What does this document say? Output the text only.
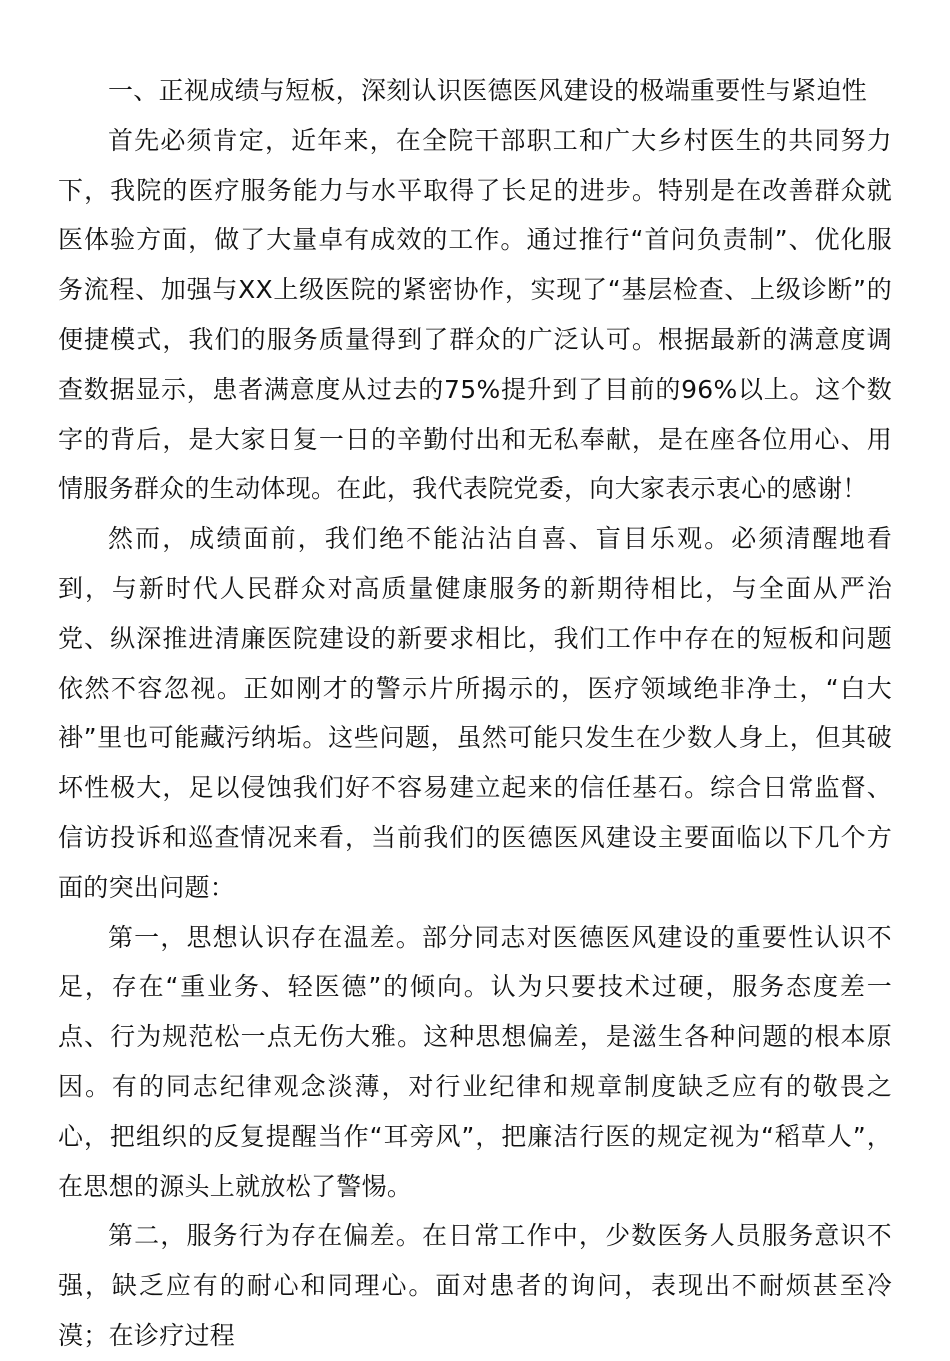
一、正视成绩与短板，深刻认识医德医风建设的极端重要性与紧迫性

首先必须肯定，近年来，在全院干部职工和广大乡村医生的共同努力下，我院的医疗服务能力与水平取得了长足的进步。特别是在改善群众就医体验方面，做了大量卓有成效的工作。通过推行“首问负责制”、优化服务流程、加强与XX上级医院的紧密协作，实现了“基层检查、上级诊断”的便捷模式，我们的服务质量得到了群众的广泛认可。根据最新的满意度调查数据显示，患者满意度从过去的75%提升到了目前的96%以上。这个数字的背后，是大家日复一日的辛勤付出和无私奉献，是在座各位用心、用情服务群众的生动体现。在此，我代表院党委，向大家表示衷心的感谢！

然而，成绩面前，我们绝不能沾沾自喜、盲目乐观。必须清醒地看到，与新时代人民群众对高质量健康服务的新期待相比，与全面从严治党、纵深推进清廉医院建设的新要求相比，我们工作中存在的短板和问题依然不容忽视。正如刚才的警示片所揭示的，医疗领域绝非净土，“白大褂”里也可能藏污纳垢。这些问题，虽然可能只发生在少数人身上，但其破坏性极大，足以侵蚀我们好不容易建立起来的信任基石。综合日常监督、信访投诉和巡查情况来看，当前我们的医德医风建设主要面临以下几个方面的突出问题：

第一，思想认识存在温差。部分同志对医德医风建设的重要性认识不足，存在“重业务、轻医德”的倾向。认为只要技术过硬，服务态度差一点、行为规范松一点无伤大雅。这种思想偏差，是滋生各种问题的根本原因。有的同志纪律观念淡薄，对行业纪律和规章制度缺乏应有的敬畏之心，把组织的反复提醒当作“耳旁风”，把廉洁行医的规定视为“稻草人”，在思想的源头上就放松了警惕。

第二，服务行为存在偏差。在日常工作中，少数医务人员服务意识不强，缺乏应有的耐心和同理心。面对患者的询问，表现出不耐烦甚至冷漠；在诊疗过程
